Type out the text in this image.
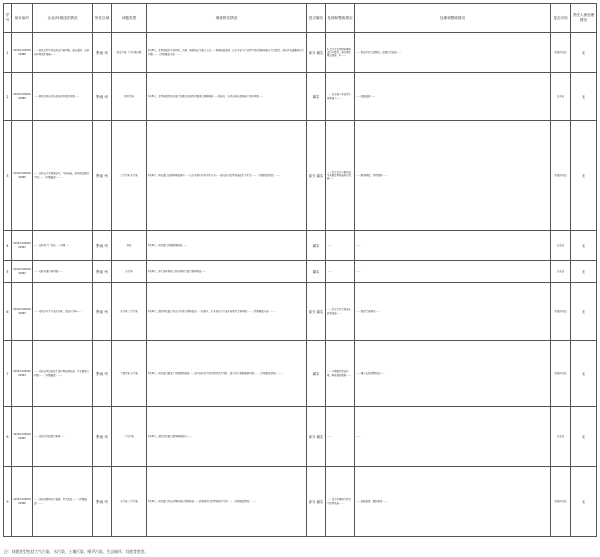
序号	统计编号	企业/环境违法情况	所在区域	问题类型	调查核实情况	是否属实	处理和整改情况	处理和整改情况	是否办结	责任人被处理情况

1	X2502 000016 01888	……经营过程中存在扬尘污染问题，废水直排，未落实环境保护措施……	黔南 州	扬尘污染 大气污染问题	6月8日，龙里县组织生态环境、住建、城管执法等部门人员……现场核查发现，该企业在生产过程中存在物料堆放未完全覆盖、部分区域道路积尘等问题……（详细调查内容）……	部分 属实	1.责令企业对物料堆场进行全覆盖，落实洒水降尘措施；2.……	……督促企业完成整改，加强日常巡查……	阶段性办结	无

2	X2502 000016 01889	……居民反映该区域存在噪声扰民问题……	黔南 州	噪声污染	6月8日，龙里县组织相关部门对群众反映的问题进行现场调查……经核实，该区域存在夜间施工噪声问题……	属实	……责令施工单位停止夜间施工……	……加强监管……	已办结	无

3	X2502 000016 01890	……反映该企业排放废气，气味刺鼻，影响周边群众生活……（问题描述）……	黔南 州	大气污染 水污染	6月8日，相关部门赴现场调查核实……该企业现有环评手续齐全……部分废气处理设施运行不正常……（详细核查情况）……	部分 属实	……责令企业立即对废气收集处理设施进行检修……	……限期整改，持续跟踪……	阶段性办结	无

4	X2502 000016 01891	……反映某工厂存在……问题……	黔南 州	其他	6月8日，相关部门开展现场核查……	属实	……	……	已办结	无

5	X2502 000016 01892	……反映河道污染问题……	黔南 州	水污染	6月8日，县生态环境局会同水务局等部门现场核查……	属实	……	……	已办结	无

6	X2502 000016 01893	……反映企业生产废水外排，周边有异味……	黔南 州	水污染 大气污染	6月8日，组织相关部门对该企业进行现场检查……经核实，企业存在生产废水收集不完善问题……（详细调查内容）……	部分 属实	……责令企业完善废水收集设施……	……督促完成整改……	阶段性办结	无

7	X2502 000016 01894	……反映该区域存在生活垃圾乱堆乱放、污水横流等问题……（问题描述）……	黔南 州	土壤污染 水污染	6月8日，相关部门组成工作组现场核查……该区域存在生活垃圾清运不及时、部分污水管网破损问题……（详细核查情况）……	属实	……立即组织清运垃圾，修复破损管网……	……建立长效管理机制……	阶段性办结	无

8	X2502 000016 01895	……反映企业排放污染物……	黔南 州	大气污染	6月8日，组织相关部门现场调查核实……	部分 属实	……	……	已办结	无

9	X2502 000016 01896	……反映养殖场粪污直排、臭气扰民……（问题描述）……	黔南 州	水污染 大气污染	6月8日，相关部门对该养殖场进行现场核查……养殖场粪污处理设施不完善……（详细核查情况）……	部分 属实	……责令养殖场完善粪污处理设施……	……加强监管，跟踪整改……	阶段性办结	无
注：问题类型包括大气污染、水污染、土壤污染、噪声污染、生态破坏、其他等类型。
